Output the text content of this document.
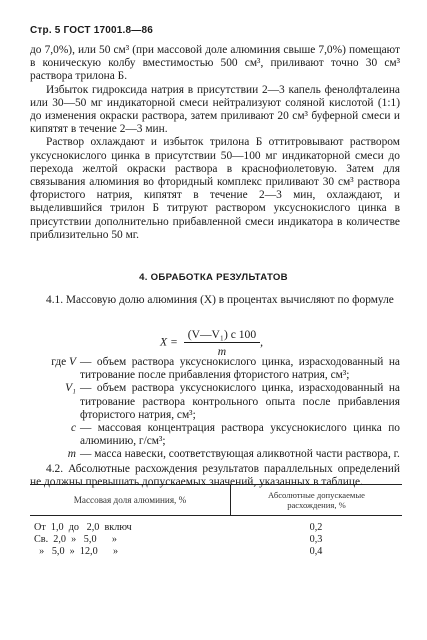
Стр. 5 ГОСТ 17001.8—86

до 7,0%), или 50 см³ (при массовой доле алюминия свыше 7,0%) помещают в коническую колбу вместимостью 500 см³, приливают точно 30 см³ раствора трилона Б.

Избыток гидроксида натрия в присутствии 2—3 капель фенолфталеина или 30—50 мг индикаторной смеси нейтрализуют соляной кислотой (1:1) до изменения окраски раствора, затем приливают 20 см³ буферной смеси и кипятят в течение 2—3 мин.

Раствор охлаждают и избыток трилона Б оттитровывают раствором уксуснокислого цинка в присутствии 50—100 мг индикаторной смеси до перехода желтой окраски раствора в краснофиолетовую. Затем для связывания алюминия во фторидный комплекс приливают 30 см³ раствора фтористого натрия, кипятят в течение 2—3 мин, охлаждают, и выделившийся трилон Б титруют раствором уксуснокислого цинка в присутствии дополнительно прибавленной смеси индикатора в количестве приблизительно 50 мг.

4. ОБРАБОТКА РЕЗУЛЬТАТОВ

4.1. Массовую долю алюминия (X) в процентах вычисляют по формуле

$X = \frac{\text{(V—V₁) c 100}}{m}$ ,
где V — объем раствора уксуснокислого цинка, израсходованный на титрование после прибавления фтористого натрия, см³;
V₁ — объем раствора уксуснокислого цинка, израсходованный на титрование раствора контрольного опыта после прибавления фтористого натрия, см³;
c — массовая концентрация раствора уксуснокислого цинка по алюминию, г/см³;
m — масса навески, соответствующая аликвотной части раствора, г.

4.2. Абсолютные расхождения результатов параллельных определений не должны превышать допускаемых значений, указанных в таблице.

Массовая доля алюминия, %	Абсолютные допускаемые
расхождения, %
От  1,0  до   2,0  включ	0,2
Св.  2,0  »   5,0      »	0,3
»   5,0  »  12,0      »	0,4
